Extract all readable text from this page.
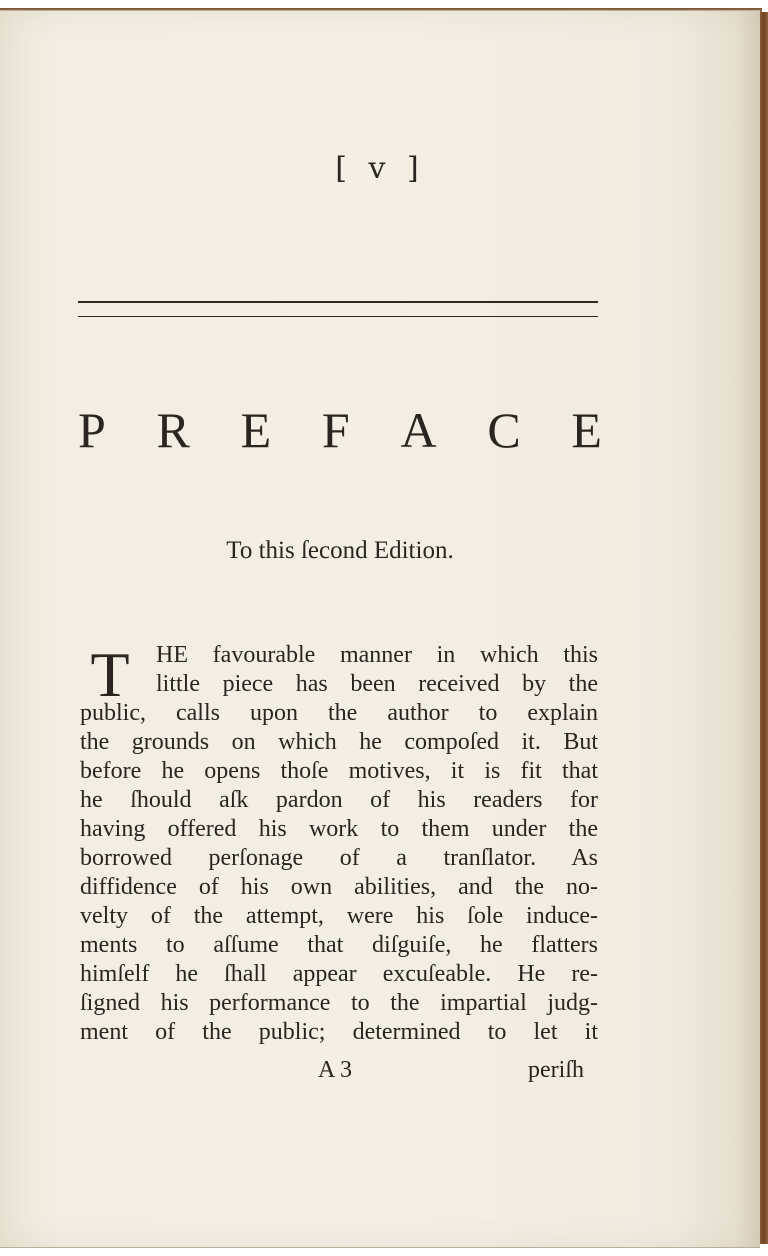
[ v ]
P R E F A C E
To this ſecond Edition.
T	HE favourable manner in which this
little piece has been received by the
public, calls upon the author to explain
the grounds on which he compoſed it. But
before he opens thoſe motives, it is fit that
he ſhould aſk pardon of his readers for
having offered his work to them under the
borrowed perſonage of a tranſlator. As
diffidence of his own abilities, and the no-
velty of the attempt, were his ſole induce-
ments to aſſume that diſguiſe, he flatters
himſelf he ſhall appear excuſeable. He re-
ſigned his performance to the impartial judg-
ment of the public; determined to let it
A 3	periſh
